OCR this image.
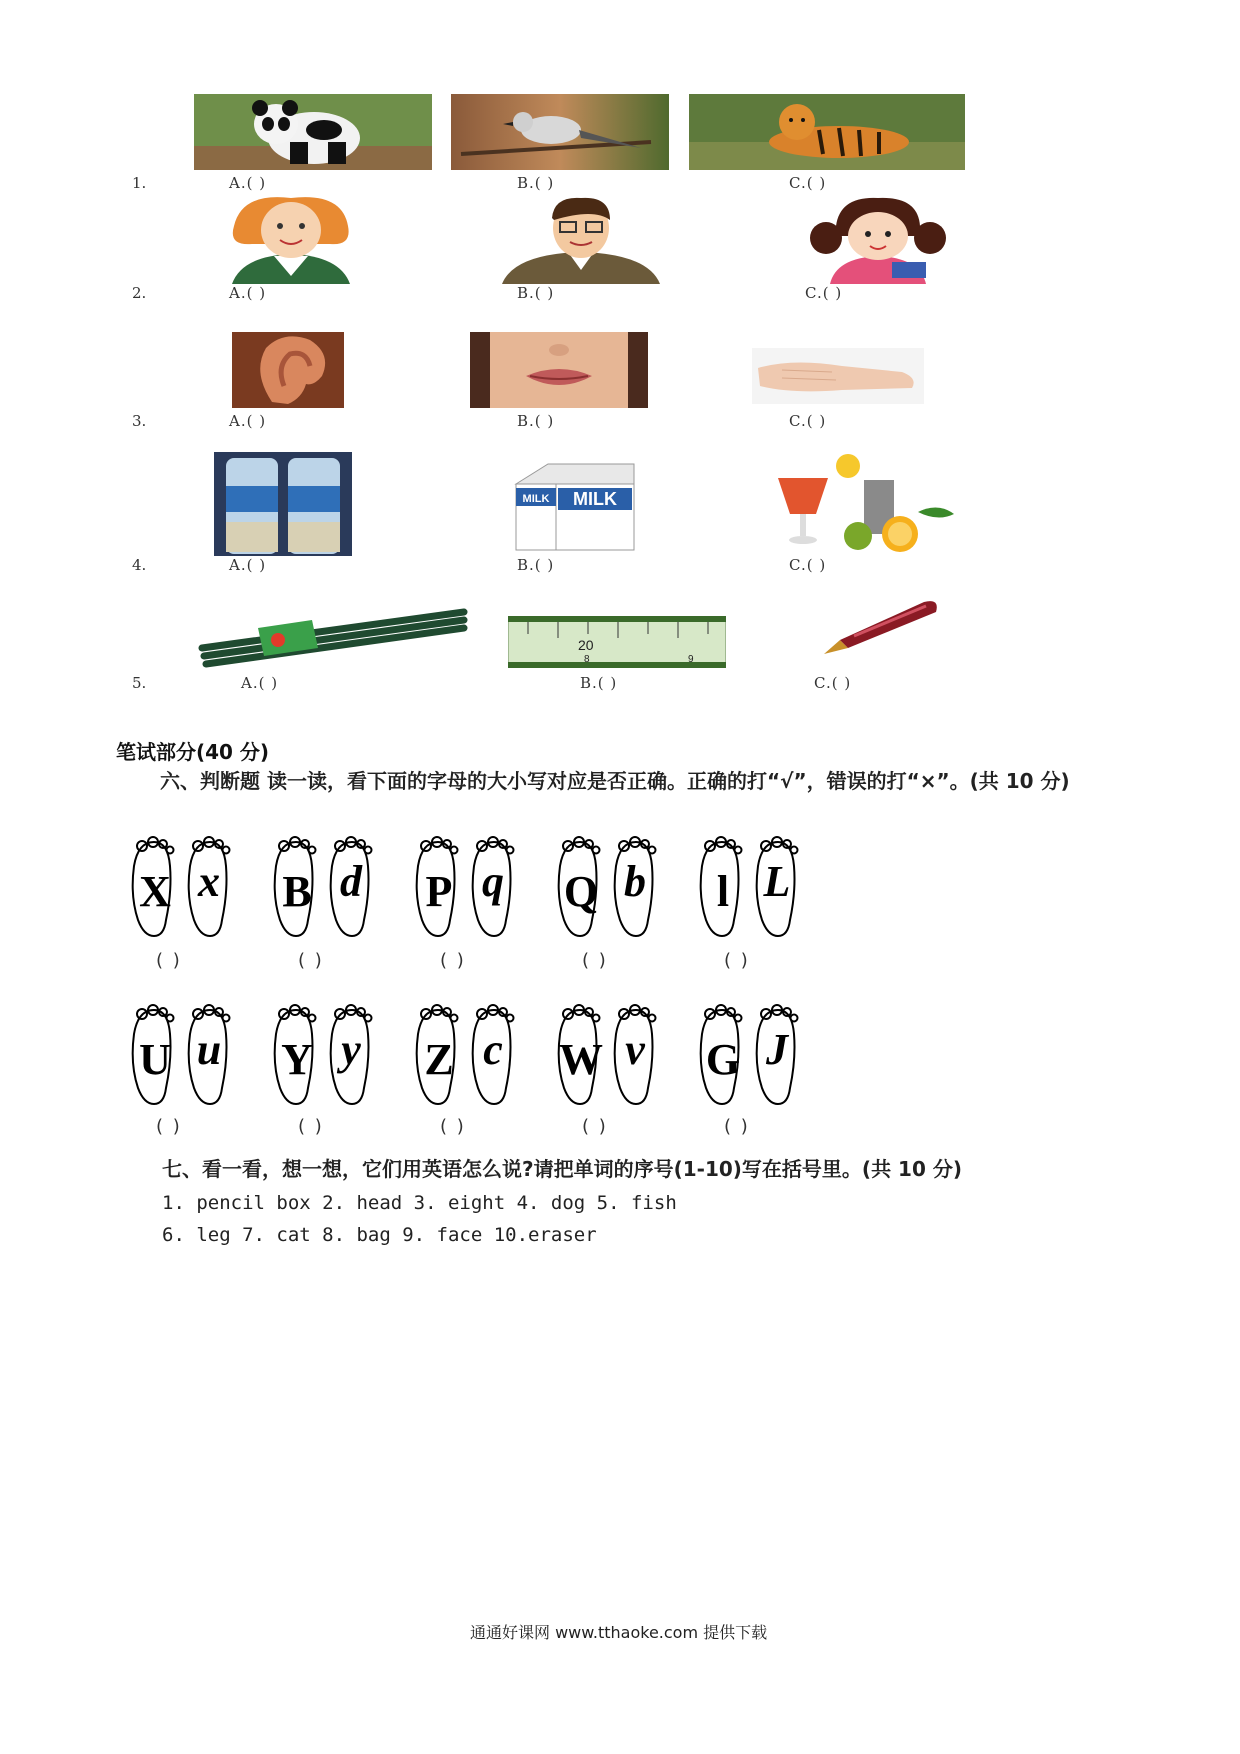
1.	A.( )	B.( )	C.( )
2.	A.( )	B.( )	C.( )
3.	A.( )	B.( )	C.( )
MILK
MILK
4.	A.( )	B.( )	C.( )
20
8	9
5.	A.( )	B.( )	C.( )
笔试部分(40 分)
六、判断题 读一读，看下面的字母的大小写对应是否正确。正确的打“√”，错误的打“×”。(共 10 分)
七、看一看，想一想，它们用英语怎么说?请把单词的序号(1-10)写在括号里。(共 10 分)
1. pencil box 2. head 3. eight 4. dog 5. fish
6. leg 7. cat 8. bag 9. face 10.eraser
通通好课网 www.tthaoke.com 提供下载
X x
( )
B d
( )
P q
( )
Q b
( )
l L
( )
U u
( )
Y y
( )
Z c
( )
W v
( )
G J
( )
